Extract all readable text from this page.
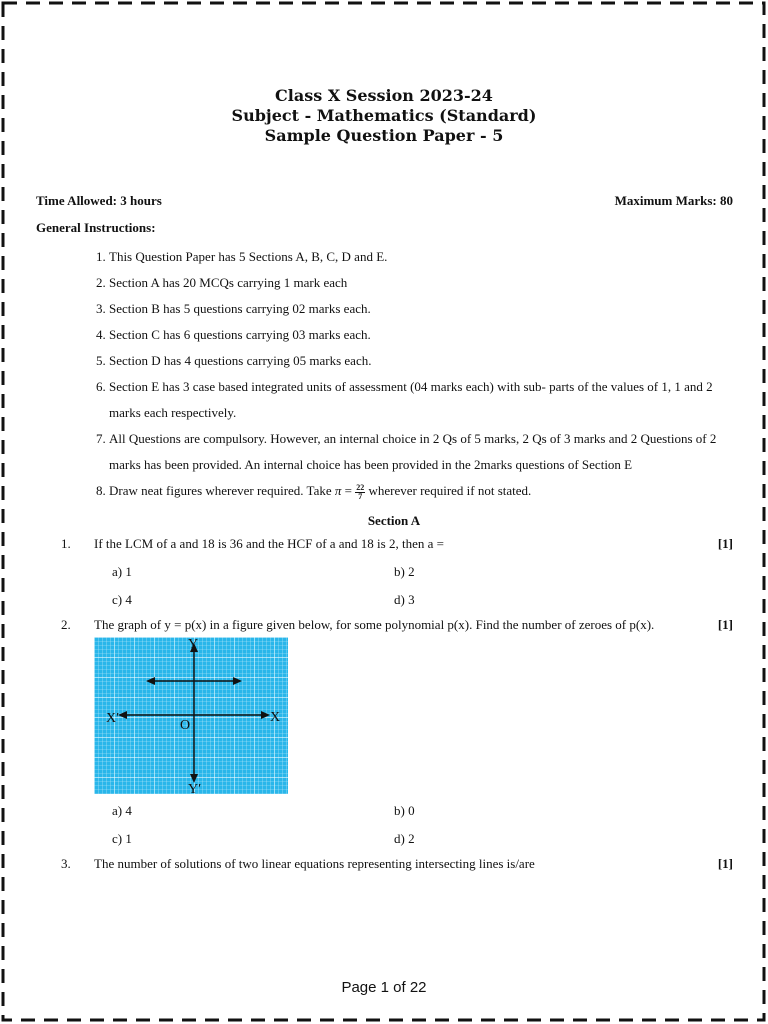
Class X Session 2023-24
Subject - Mathematics (Standard)
Sample Question Paper - 5
Time Allowed: 3 hours	Maximum Marks: 80
General Instructions:
1. This Question Paper has 5 Sections A, B, C, D and E.
2. Section A has 20 MCQs carrying 1 mark each
3. Section B has 5 questions carrying 02 marks each.
4. Section C has 6 questions carrying 03 marks each.
5. Section D has 4 questions carrying 05 marks each.
6. Section E has 3 case based integrated units of assessment (04 marks each) with sub- parts of the values of 1, 1 and 2 marks each respectively.
7. All Questions are compulsory. However, an internal choice in 2 Qs of 5 marks, 2 Qs of 3 marks and 2 Questions of 2 marks has been provided. An internal choice has been provided in the 2marks questions of Section E
8. Draw neat figures wherever required. Take $\pi = \frac{22}{7}$ wherever required if not stated.
Section A
1. If the LCM of a and 18 is 36 and the HCF of a and 18 is 2, then a =	[1]
a) 1	b) 2
c) 4	d) 3
2. The graph of y = p(x) in a figure given below, for some polynomial p(x). Find the number of zeroes of p(x).	[1]
Y
Y′
X
X′	O
a) 4	b) 0
c) 1	d) 2
3. The number of solutions of two linear equations representing intersecting lines is/are	[1]
Page 1 of 22
